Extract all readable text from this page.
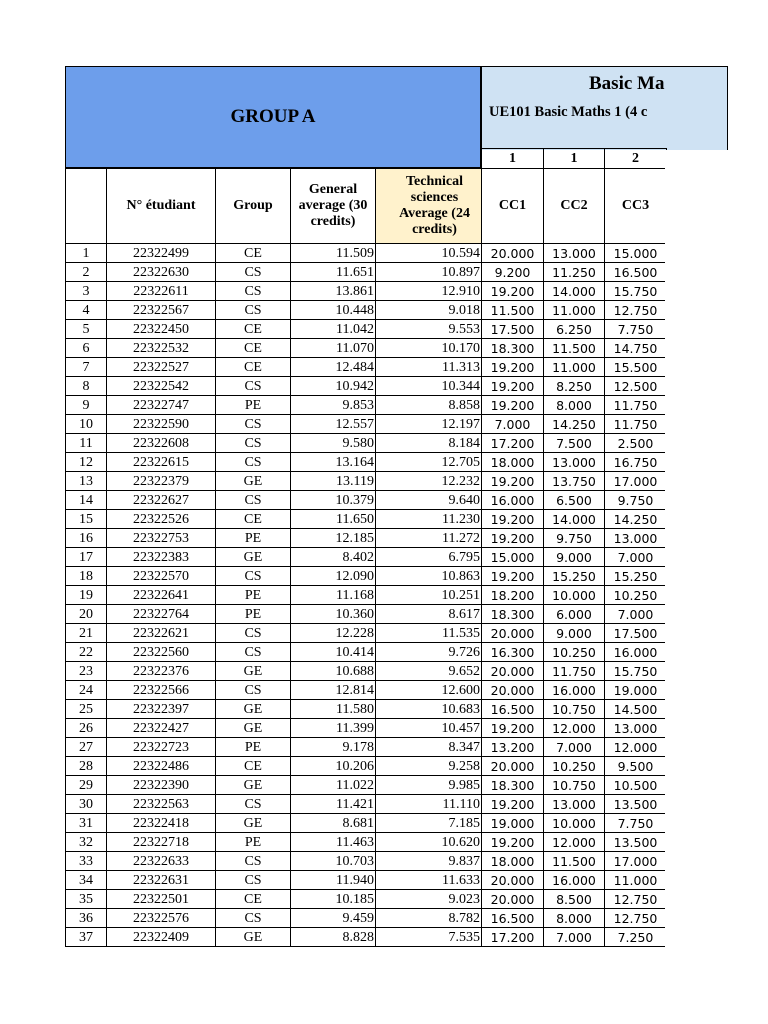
GROUP A
Basic Ma
UE101 Basic Maths 1 (4 c
					1	1	2
	N° étudiant	Group	General average (30 credits)	Technical sciences Average (24 credits)	CC1	CC2	CC3
1	22322499	CE	11.509	10.594	20.000	13.000	15.000
2	22322630	CS	11.651	10.897	9.200	11.250	16.500
3	22322611	CS	13.861	12.910	19.200	14.000	15.750
4	22322567	CS	10.448	9.018	11.500	11.000	12.750
5	22322450	CE	11.042	9.553	17.500	6.250	7.750
6	22322532	CE	11.070	10.170	18.300	11.500	14.750
7	22322527	CE	12.484	11.313	19.200	11.000	15.500
8	22322542	CS	10.942	10.344	19.200	8.250	12.500
9	22322747	PE	9.853	8.858	19.200	8.000	11.750
10	22322590	CS	12.557	12.197	7.000	14.250	11.750
11	22322608	CS	9.580	8.184	17.200	7.500	2.500
12	22322615	CS	13.164	12.705	18.000	13.000	16.750
13	22322379	GE	13.119	12.232	19.200	13.750	17.000
14	22322627	CS	10.379	9.640	16.000	6.500	9.750
15	22322526	CE	11.650	11.230	19.200	14.000	14.250
16	22322753	PE	12.185	11.272	19.200	9.750	13.000
17	22322383	GE	8.402	6.795	15.000	9.000	7.000
18	22322570	CS	12.090	10.863	19.200	15.250	15.250
19	22322641	PE	11.168	10.251	18.200	10.000	10.250
20	22322764	PE	10.360	8.617	18.300	6.000	7.000
21	22322621	CS	12.228	11.535	20.000	9.000	17.500
22	22322560	CS	10.414	9.726	16.300	10.250	16.000
23	22322376	GE	10.688	9.652	20.000	11.750	15.750
24	22322566	CS	12.814	12.600	20.000	16.000	19.000
25	22322397	GE	11.580	10.683	16.500	10.750	14.500
26	22322427	GE	11.399	10.457	19.200	12.000	13.000
27	22322723	PE	9.178	8.347	13.200	7.000	12.000
28	22322486	CE	10.206	9.258	20.000	10.250	9.500
29	22322390	GE	11.022	9.985	18.300	10.750	10.500
30	22322563	CS	11.421	11.110	19.200	13.000	13.500
31	22322418	GE	8.681	7.185	19.000	10.000	7.750
32	22322718	PE	11.463	10.620	19.200	12.000	13.500
33	22322633	CS	10.703	9.837	18.000	11.500	17.000
34	22322631	CS	11.940	11.633	20.000	16.000	11.000
35	22322501	CE	10.185	9.023	20.000	8.500	12.750
36	22322576	CS	9.459	8.782	16.500	8.000	12.750
37	22322409	GE	8.828	7.535	17.200	7.000	7.250
